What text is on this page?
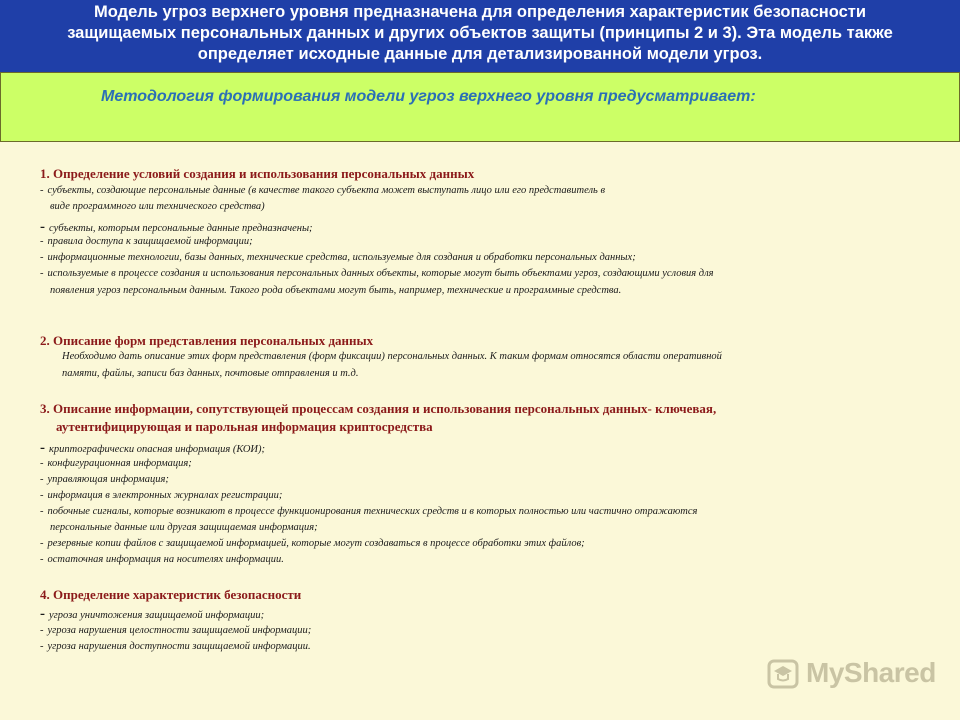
Модель угроз верхнего уровня предназначена для определения характеристик безопасности
защищаемых персональных данных и других объектов защиты (принципы 2 и 3). Эта модель также
определяет исходные данные для детализированной модели угроз.
Методология формирования модели угроз верхнего уровня предусматривает:
1. Определение условий создания и использования персональных данных
- субъекты, создающие персональные данные (в качестве такого субъекта может выступать лицо или его представитель в
виде программного или технического средства)
- субъекты, которым персональные данные предназначены;
- правила доступа к защищаемой информации;
- информационные технологии, базы данных, технические средства, используемые для создания и обработки персональных данных;
- используемые в процессе создания и использования персональных данных объекты, которые могут быть объектами угроз, создающими условия для
появления угроз персональным данным. Такого рода объектами могут быть, например, технические и программные средства.
2. Описание форм представления персональных данных
Необходимо дать описание этих форм представления (форм фиксации) персональных данных. К таким формам относятся области оперативной
памяти, файлы, записи баз данных, почтовые отправления и т.д.
3. Описание информации, сопутствующей процессам создания и использования персональных данных- ключевая,
аутентифицирующая и парольная информация криптосредства
- криптографически опасная информация (КОИ);
- конфигурационная информация;
- управляющая информация;
- информация в электронных журналах регистрации;
- побочные сигналы, которые возникают в процессе функционирования технических средств и в которых полностью или частично отражаются
персональные данные или другая защищаемая информация;
- резервные копии файлов с защищаемой информацией, которые могут создаваться в процессе обработки этих файлов;
- остаточная информация на носителях информации.
4. Определение характеристик безопасности
- угроза уничтожения защищаемой информации;
- угроза нарушения целостности защищаемой информации;
- угроза нарушения доступности защищаемой информации.
MyShared
